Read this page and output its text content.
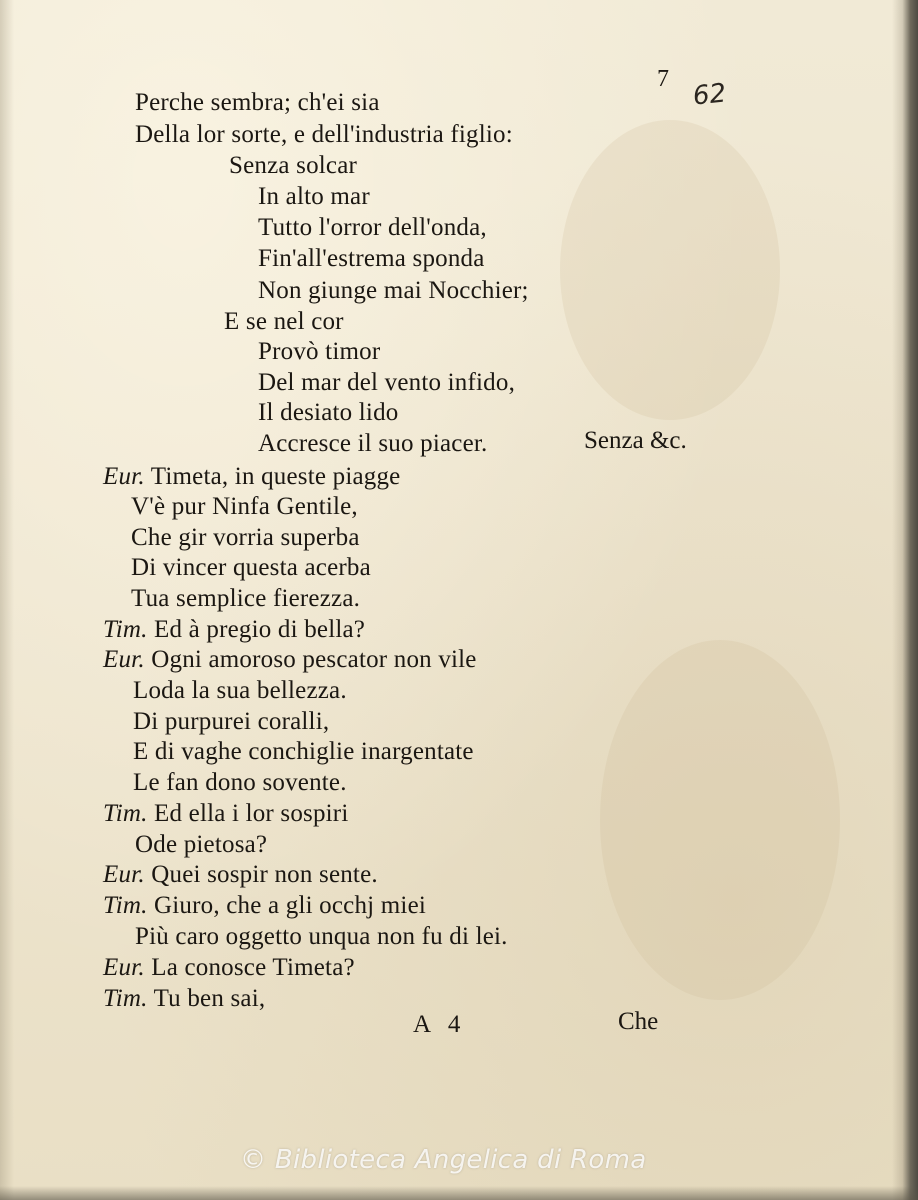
7 62
Perche sembra; ch'ei sia
Della lor sorte, e dell'industria figlio:
Senza solcar
In alto mar
Tutto l'orror dell'onda,
Fin'all'estrema sponda
Non giunge mai Nocchier;
E se nel cor
Provò timor
Del mar del vento infido,
Il desiato lido
Accresce il suo piacer.	Senza &c.
Eur. Timeta, in queste piagge
V'è pur Ninfa Gentile,
Che gir vorria superba
Di vincer questa acerba
Tua semplice fierezza.
Tim. Ed à pregio di bella?
Eur. Ogni amoroso pescator non vile
Loda la sua bellezza.
Di purpurei coralli,
E di vaghe conchiglie inargentate
Le fan dono sovente.
Tim. Ed ella i lor sospiri
Ode pietosa?
Eur. Quei sospir non sente.
Tim. Giuro, che a gli occhj miei
Più caro oggetto unqua non fu di lei.
Eur. La conosce Timeta?
Tim. Tu ben sai,
A 4	Che
© Biblioteca Angelica di Roma
